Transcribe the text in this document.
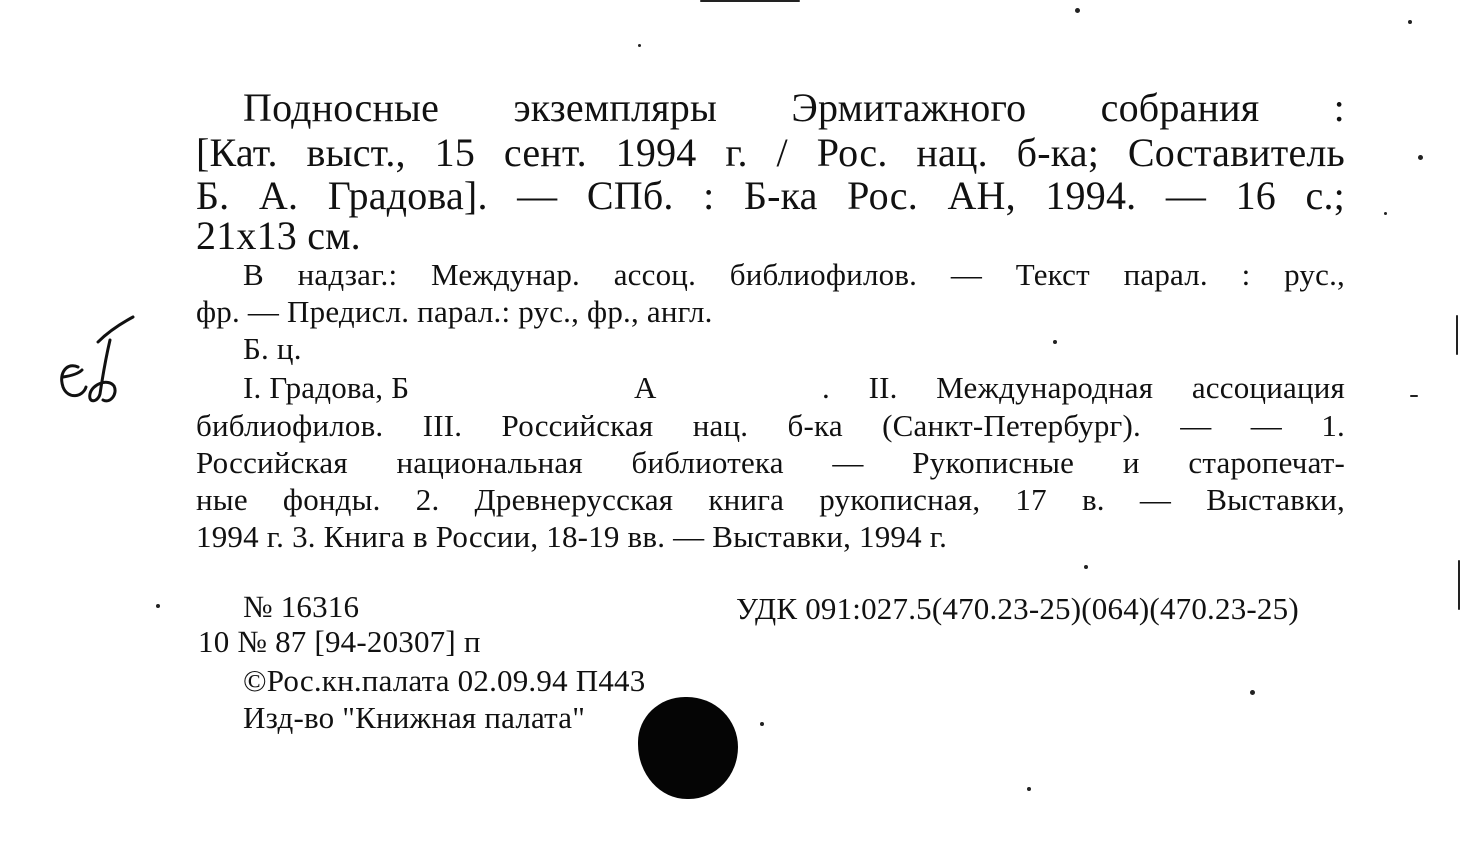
Подносные экземпляры Эрмитажного собрания :
[Кат. выст., 15 сент. 1994 г. / Рос. нац. б-ка; Составитель
Б. А. Градова]. — СПб. : Б-ка Рос. АН, 1994. — 16 с.;
21х13 см.
В надзаг.: Междунар. ассоц. библиофилов. — Текст парал. : рус.,
фр. — Предисл. парал.: рус., фр., англ.
Б. ц.
I. Градова, Б	А	. II. Международная ассоциация
библиофилов. III. Российская нац. б-ка (Санкт-Петербург). — — 1.
Российская национальная библиотека — Рукописные и старопечат-
ные фонды. 2. Древнерусская книга рукописная, 17 в. — Выставки,
1994 г. 3. Книга в России, 18-19 вв. — Выставки, 1994 г.
№ 16316	УДК 091:027.5(470.23-25)(064)(470.23-25)
10 № 87 [94-20307] п
©Рос.кн.палата 02.09.94 П443
Изд-во "Книжная палата"
